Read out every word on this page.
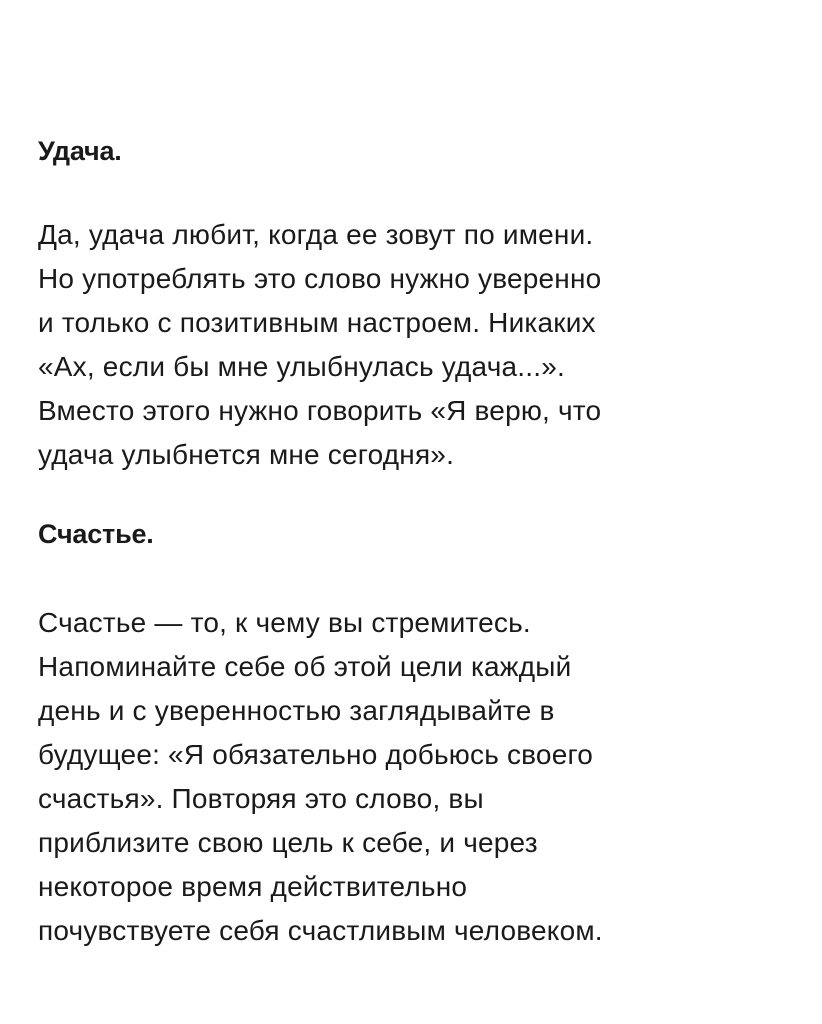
Удача.

Да, удача любит, когда ее зовут по имени.
Но употреблять это слово нужно уверенно
и только с позитивным настроем. Никаких
«Ах, если бы мне улыбнулась удача...».
Вместо этого нужно говорить «Я верю, что
удача улыбнется мне сегодня».

Счастье.

Счастье — то, к чему вы стремитесь.
Напоминайте себе об этой цели каждый
день и с уверенностью заглядывайте в
будущее: «Я обязательно добьюсь своего
счастья». Повторяя это слово, вы
приблизите свою цель к себе, и через
некоторое время действительно
почувствуете себя счастливым человеком.
